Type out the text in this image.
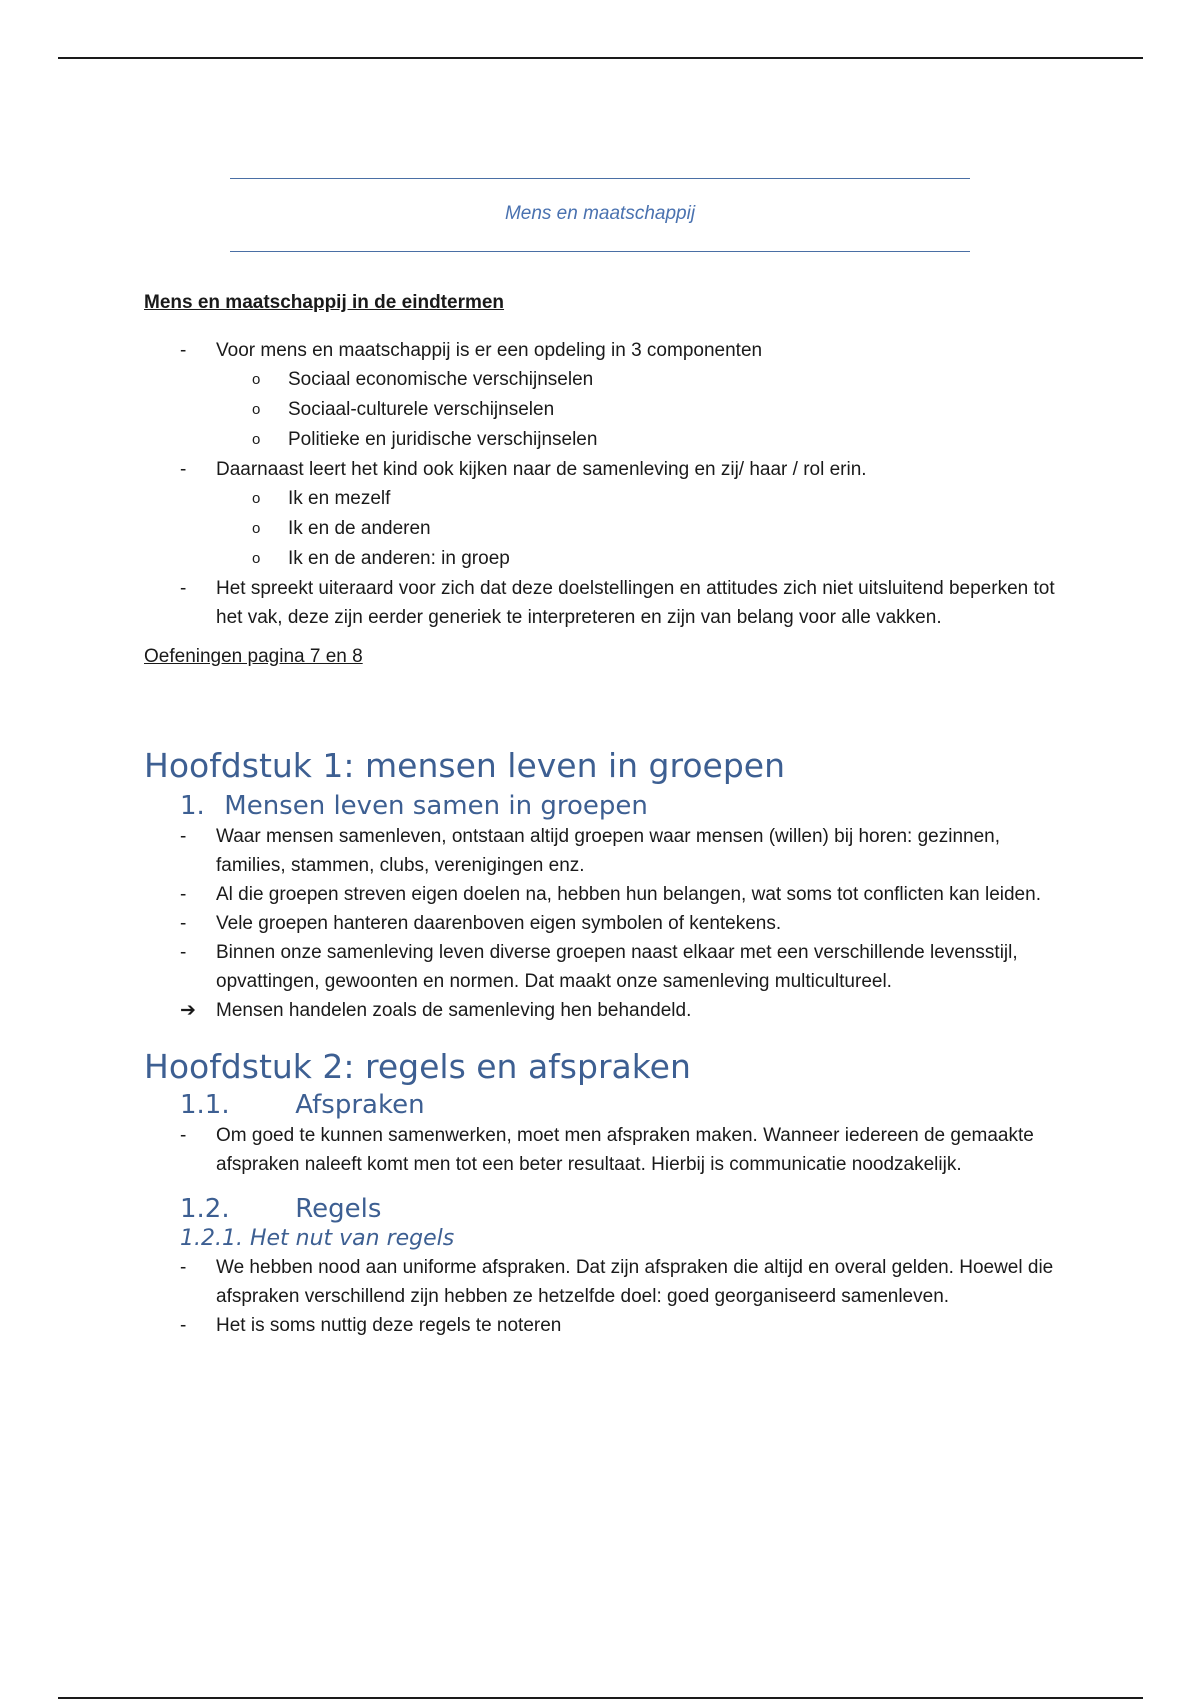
Mens en maatschappij
Mens en maatschappij in de eindtermen
-	Voor mens en maatschappij is er een opdeling in 3 componenten
o Sociaal economische verschijnselen
o Sociaal-culturele verschijnselen
o Politieke en juridische verschijnselen
-	Daarnaast leert het kind ook kijken naar de samenleving en zij/ haar / rol erin.
o Ik en mezelf
o Ik en de anderen
o Ik en de anderen: in groep
-	Het spreekt uiteraard voor zich dat deze doelstellingen en attitudes zich niet uitsluitend beperken tot het vak, deze zijn eerder generiek te interpreteren en zijn van belang voor alle vakken.
Oefeningen pagina 7 en 8
Hoofdstuk 1: mensen leven in groepen
1. Mensen leven samen in groepen
-	Waar mensen samenleven, ontstaan altijd groepen waar mensen (willen) bij horen: gezinnen, families, stammen, clubs, verenigingen enz.
-	Al die groepen streven eigen doelen na, hebben hun belangen, wat soms tot conflicten kan leiden.
-	Vele groepen hanteren daarenboven eigen symbolen of kentekens.
-	Binnen onze samenleving leven diverse groepen naast elkaar met een verschillende levensstijl, opvattingen, gewoonten en normen. Dat maakt onze samenleving multicultureel.
➔ Mensen handelen zoals de samenleving hen behandeld.
Hoofdstuk 2: regels en afspraken
1.1.	Afspraken
-	Om goed te kunnen samenwerken, moet men afspraken maken. Wanneer iedereen de gemaakte afspraken naleeft komt men tot een beter resultaat. Hierbij is communicatie noodzakelijk.
1.2.	Regels
1.2.1. Het nut van regels
-	We hebben nood aan uniforme afspraken. Dat zijn afspraken die altijd en overal gelden. Hoewel die afspraken verschillend zijn hebben ze hetzelfde doel: goed georganiseerd samenleven.
-	Het is soms nuttig deze regels te noteren
